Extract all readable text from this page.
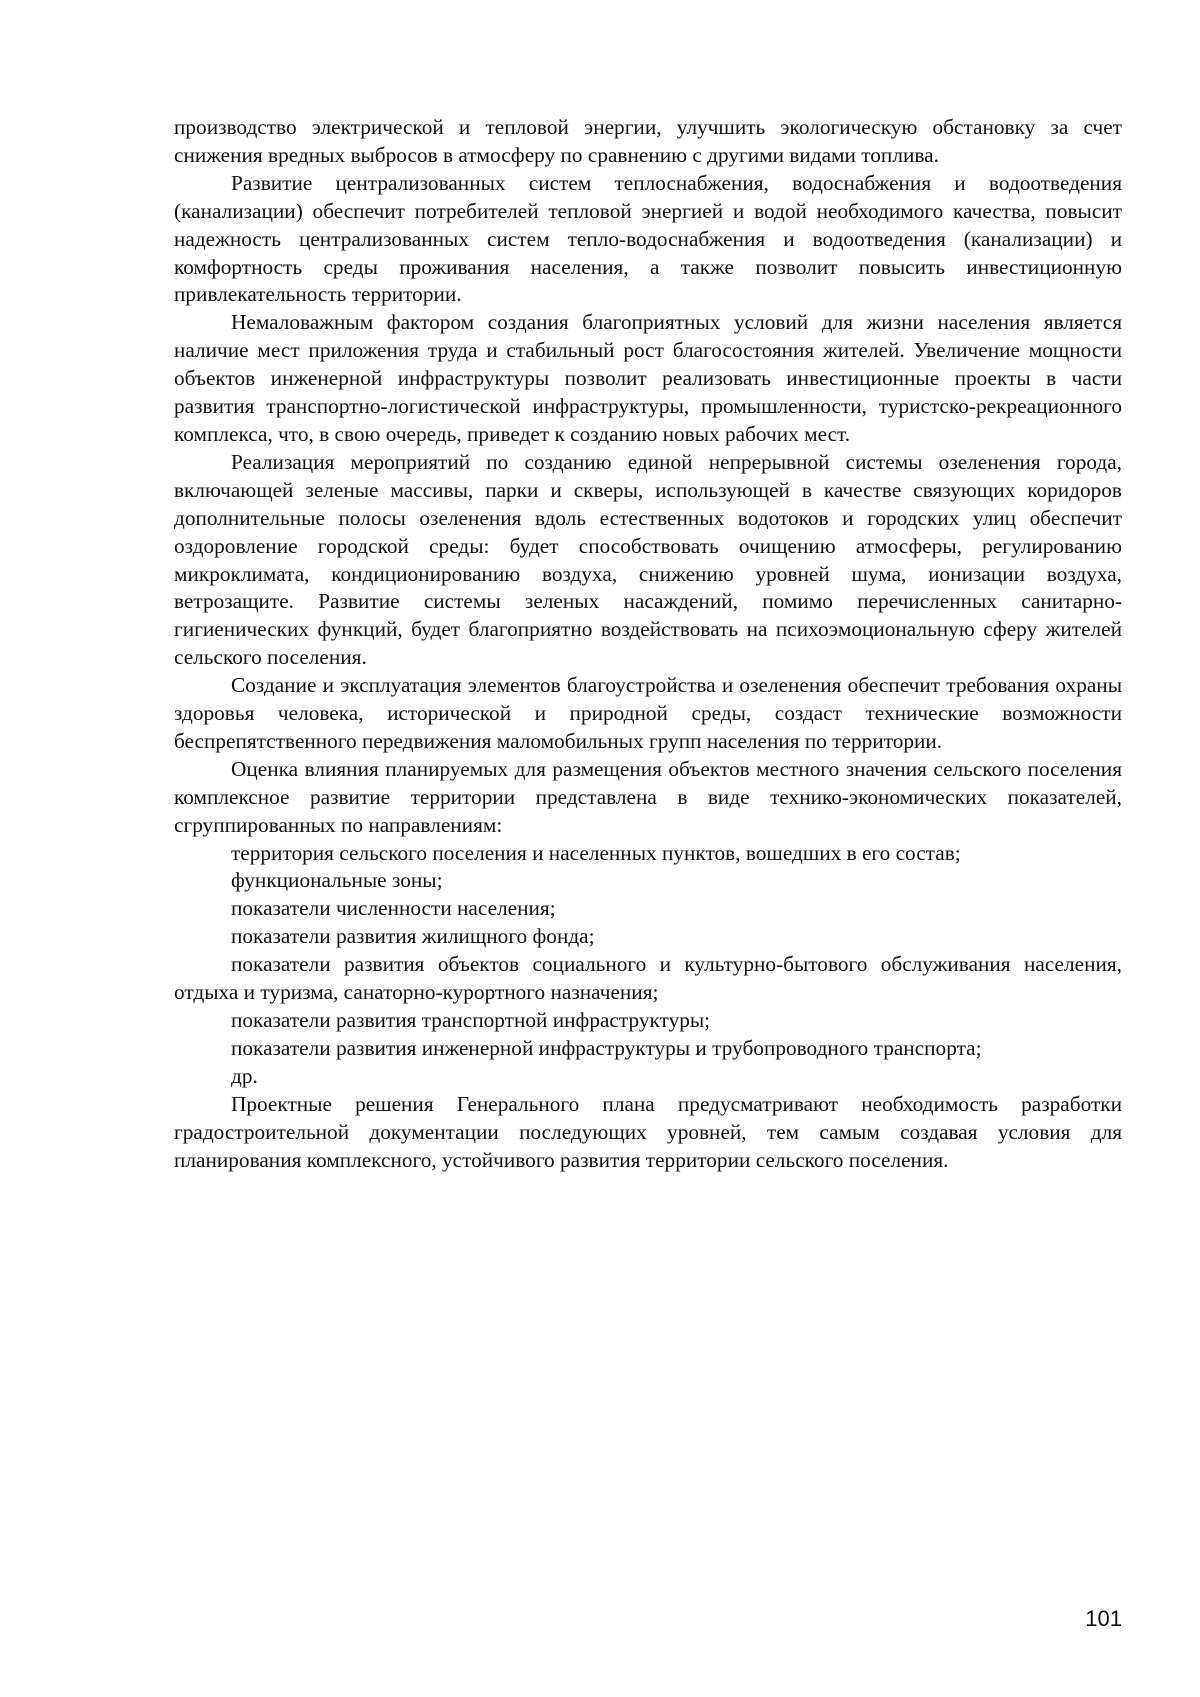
производство электрической и тепловой энергии, улучшить экологическую обстановку за счет снижения вредных выбросов в атмосферу по сравнению с другими видами топлива.

Развитие централизованных систем теплоснабжения, водоснабжения и водоотведения (канализации) обеспечит потребителей тепловой энергией и водой необходимого качества, повысит надежность централизованных систем тепло-водоснабжения и водоотведения (канализации) и комфортность среды проживания населения, а также позволит повысить инвестиционную привлекательность территории.

Немаловажным фактором создания благоприятных условий для жизни населения является наличие мест приложения труда и стабильный рост благосостояния жителей. Увеличение мощности объектов инженерной инфраструктуры позволит реализовать инвестиционные проекты в части развития транспортно-логистической инфраструктуры, промышленности, туристско-рекреационного комплекса, что, в свою очередь, приведет к созданию новых рабочих мест.

Реализация мероприятий по созданию единой непрерывной системы озеленения города, включающей зеленые массивы, парки и скверы, использующей в качестве связующих коридоров дополнительные полосы озеленения вдоль естественных водотоков и городских улиц обеспечит оздоровление городской среды: будет способствовать очищению атмосферы, регулированию микроклимата, кондиционированию воздуха, снижению уровней шума, ионизации воздуха, ветрозащите. Развитие системы зеленых насаждений, помимо перечисленных санитарно-гигиенических функций, будет благоприятно воздействовать на психоэмоциональную сферу жителей сельского поселения.

Создание и эксплуатация элементов благоустройства и озеленения обеспечит требования охраны здоровья человека, исторической и природной среды, создаст технические возможности беспрепятственного передвижения маломобильных групп населения по территории.

Оценка влияния планируемых для размещения объектов местного значения сельского поселения комплексное развитие территории представлена в виде технико-экономических показателей, сгруппированных по направлениям:

территория сельского поселения и населенных пунктов, вошедших в его состав;

функциональные зоны;

показатели численности населения;

показатели развития жилищного фонда;

показатели развития объектов социального и культурно-бытового обслуживания населения, отдыха и туризма, санаторно-курортного назначения;

показатели развития транспортной инфраструктуры;

показатели развития инженерной инфраструктуры и трубопроводного транспорта;

др.

Проектные решения Генерального плана предусматривают необходимость разработки градостроительной документации последующих уровней, тем самым создавая условия для планирования комплексного, устойчивого развития территории сельского поселения.

101
